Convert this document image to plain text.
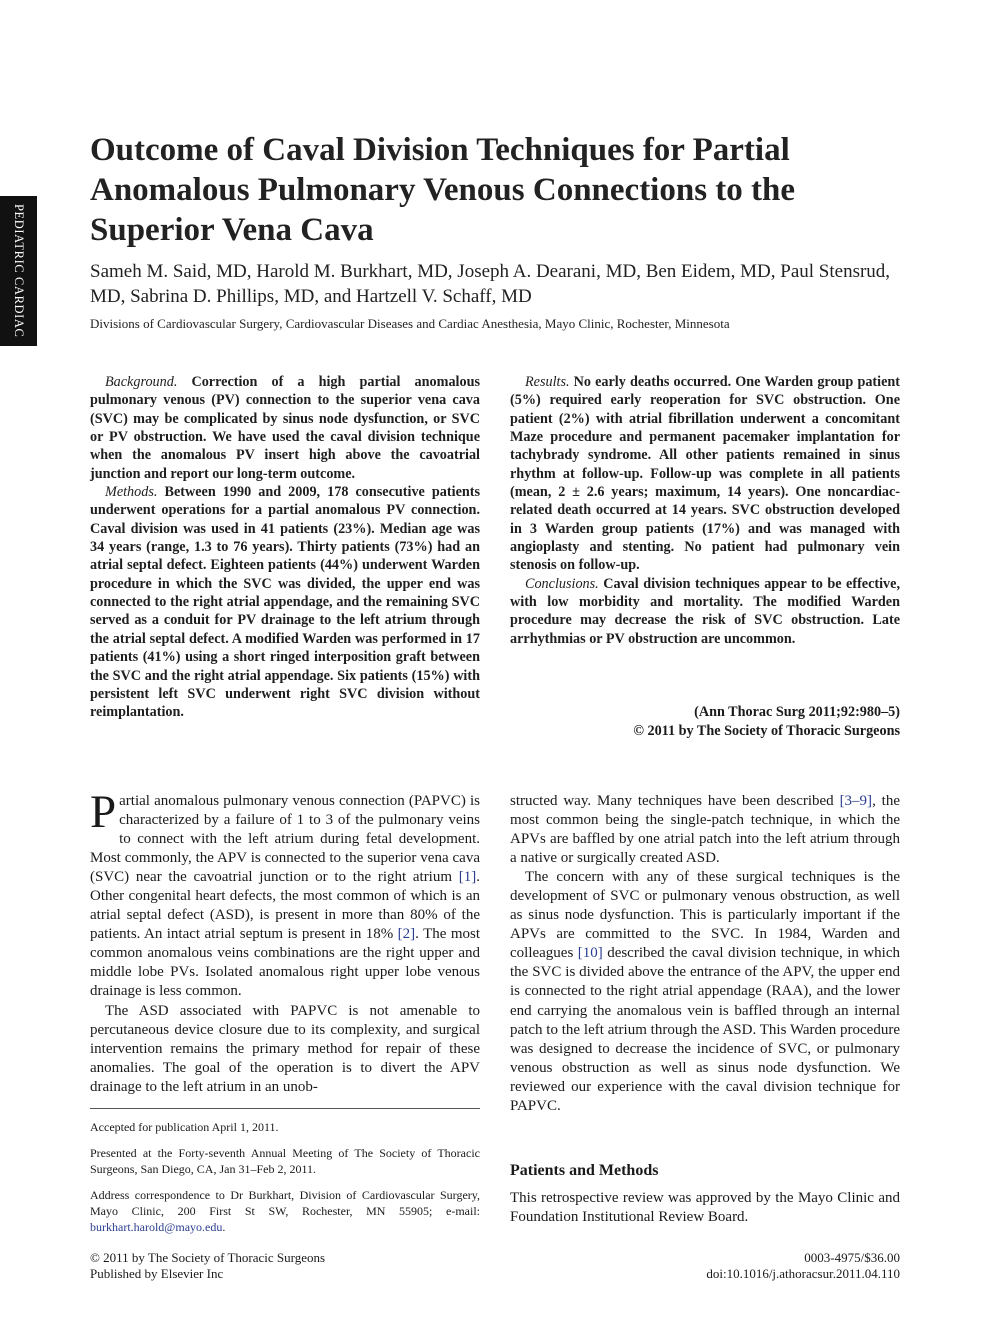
PEDIATRIC CARDIAC
Outcome of Caval Division Techniques for Partial Anomalous Pulmonary Venous Connections to the Superior Vena Cava

Sameh M. Said, MD, Harold M. Burkhart, MD, Joseph A. Dearani, MD, Ben Eidem, MD, Paul Stensrud, MD, Sabrina D. Phillips, MD, and Hartzell V. Schaff, MD

Divisions of Cardiovascular Surgery, Cardiovascular Diseases and Cardiac Anesthesia, Mayo Clinic, Rochester, Minnesota

Background. Correction of a high partial anomalous pulmonary venous (PV) connection to the superior vena cava (SVC) may be complicated by sinus node dysfunction, or SVC or PV obstruction. We have used the caval division technique when the anomalous PV insert high above the cavoatrial junction and report our long-term outcome.

Methods. Between 1990 and 2009, 178 consecutive patients underwent operations for a partial anomalous PV connection. Caval division was used in 41 patients (23%). Median age was 34 years (range, 1.3 to 76 years). Thirty patients (73%) had an atrial septal defect. Eighteen patients (44%) underwent Warden procedure in which the SVC was divided, the upper end was connected to the right atrial appendage, and the remaining SVC served as a conduit for PV drainage to the left atrium through the atrial septal defect. A modified Warden was performed in 17 patients (41%) using a short ringed interposition graft between the SVC and the right atrial appendage. Six patients (15%) with persistent left SVC underwent right SVC division without reimplantation.

Results. No early deaths occurred. One Warden group patient (5%) required early reoperation for SVC obstruction. One patient (2%) with atrial fibrillation underwent a concomitant Maze procedure and permanent pacemaker implantation for tachybrady syndrome. All other patients remained in sinus rhythm at follow-up. Follow-up was complete in all patients (mean, 2 ± 2.6 years; maximum, 14 years). One noncardiac-related death occurred at 14 years. SVC obstruction developed in 3 Warden group patients (17%) and was managed with angioplasty and stenting. No patient had pulmonary vein stenosis on follow-up.

Conclusions. Caval division techniques appear to be effective, with low morbidity and mortality. The modified Warden procedure may decrease the risk of SVC obstruction. Late arrhythmias or PV obstruction are uncommon.

(Ann Thorac Surg 2011;92:980–5)
© 2011 by The Society of Thoracic Surgeons

Partial anomalous pulmonary venous connection (PAPVC) is characterized by a failure of 1 to 3 of the pulmonary veins to connect with the left atrium during fetal development. Most commonly, the APV is connected to the superior vena cava (SVC) near the cavoatrial junction or to the right atrium [1]. Other congenital heart defects, the most common of which is an atrial septal defect (ASD), is present in more than 80% of the patients. An intact atrial septum is present in 18% [2]. The most common anomalous veins combinations are the right upper and middle lobe PVs. Isolated anomalous right upper lobe venous drainage is less common.

The ASD associated with PAPVC is not amenable to percutaneous device closure due to its complexity, and surgical intervention remains the primary method for repair of these anomalies. The goal of the operation is to divert the APV drainage to the left atrium in an unob-

structed way. Many techniques have been described [3–9], the most common being the single-patch technique, in which the APVs are baffled by one atrial patch into the left atrium through a native or surgically created ASD.

The concern with any of these surgical techniques is the development of SVC or pulmonary venous obstruction, as well as sinus node dysfunction. This is particularly important if the APVs are committed to the SVC. In 1984, Warden and colleagues [10] described the caval division technique, in which the SVC is divided above the entrance of the APV, the upper end is connected to the right atrial appendage (RAA), and the lower end carrying the anomalous vein is baffled through an internal patch to the left atrium through the ASD. This Warden procedure was designed to decrease the incidence of SVC, or pulmonary venous obstruction as well as sinus node dysfunction. We reviewed our experience with the caval division technique for PAPVC.

Patients and Methods

This retrospective review was approved by the Mayo Clinic and Foundation Institutional Review Board.

Accepted for publication April 1, 2011.

Presented at the Forty-seventh Annual Meeting of The Society of Thoracic Surgeons, San Diego, CA, Jan 31–Feb 2, 2011.

Address correspondence to Dr Burkhart, Division of Cardiovascular Surgery, Mayo Clinic, 200 First St SW, Rochester, MN 55905; e-mail: burkhart.harold@mayo.edu.

© 2011 by The Society of Thoracic Surgeons
Published by Elsevier Inc
0003-4975/$36.00
doi:10.1016/j.athoracsur.2011.04.110
